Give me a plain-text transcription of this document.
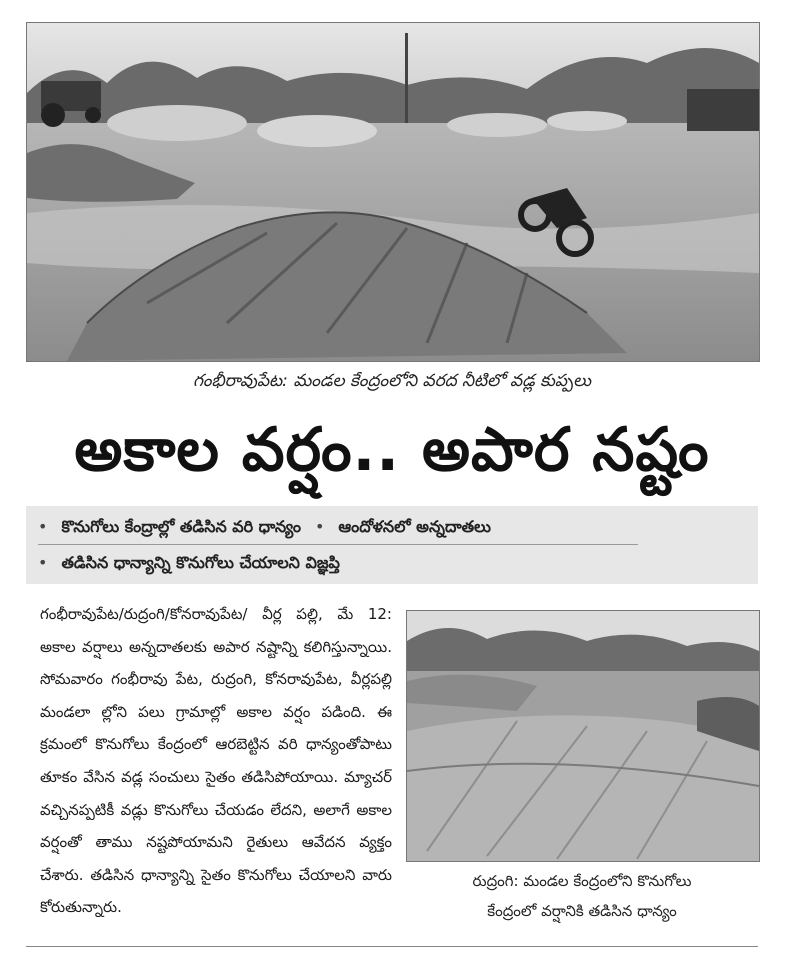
గంభీరావుపేట: మండల కేంద్రంలోని వరద నీటిలో వడ్ల కుప్పలు
అకాల వర్షం.. అపార నష్టం
• కొనుగోలు కేంద్రాల్లో తడిసిన వరి ధాన్యం • ఆందోళనలో అన్నదాతలు
• తడిసిన ధాన్యాన్ని కొనుగోలు చేయాలని విజ్ఞప్తి
గంభీరావుపేట/రుద్రంగి/కోనరావుపేట/ వీర్ల పల్లి, మే 12: అకాల వర్షాలు అన్నదాతలకు అపార నష్టాన్ని కలిగిస్తున్నాయి. సోమవారం గంభీరావు పేట, రుద్రంగి, కోనరావుపేట, వీర్లపల్లి మండలా ల్లోని పలు గ్రామాల్లో అకాల వర్షం పడింది. ఈ క్రమంలో కొనుగోలు కేంద్రంలో ఆరబెట్టిన వరి ధాన్యంతోపాటు తూకం వేసిన వడ్ల సంచులు సైతం తడిసిపోయాయి. మ్యాచర్ వచ్చినప్పటికీ వడ్లు కొనుగోలు చేయడం లేదని, అలాగే అకాల వర్షంతో తాము నష్టపోయామని రైతులు ఆవేదన వ్యక్తం చేశారు. తడిసిన ధాన్యాన్ని సైతం కొనుగోలు చేయాలని వారు కోరుతున్నారు.
రుద్రంగి: మండల కేంద్రంలోని కొనుగోలు
కేంద్రంలో వర్షానికి తడిసిన ధాన్యం
